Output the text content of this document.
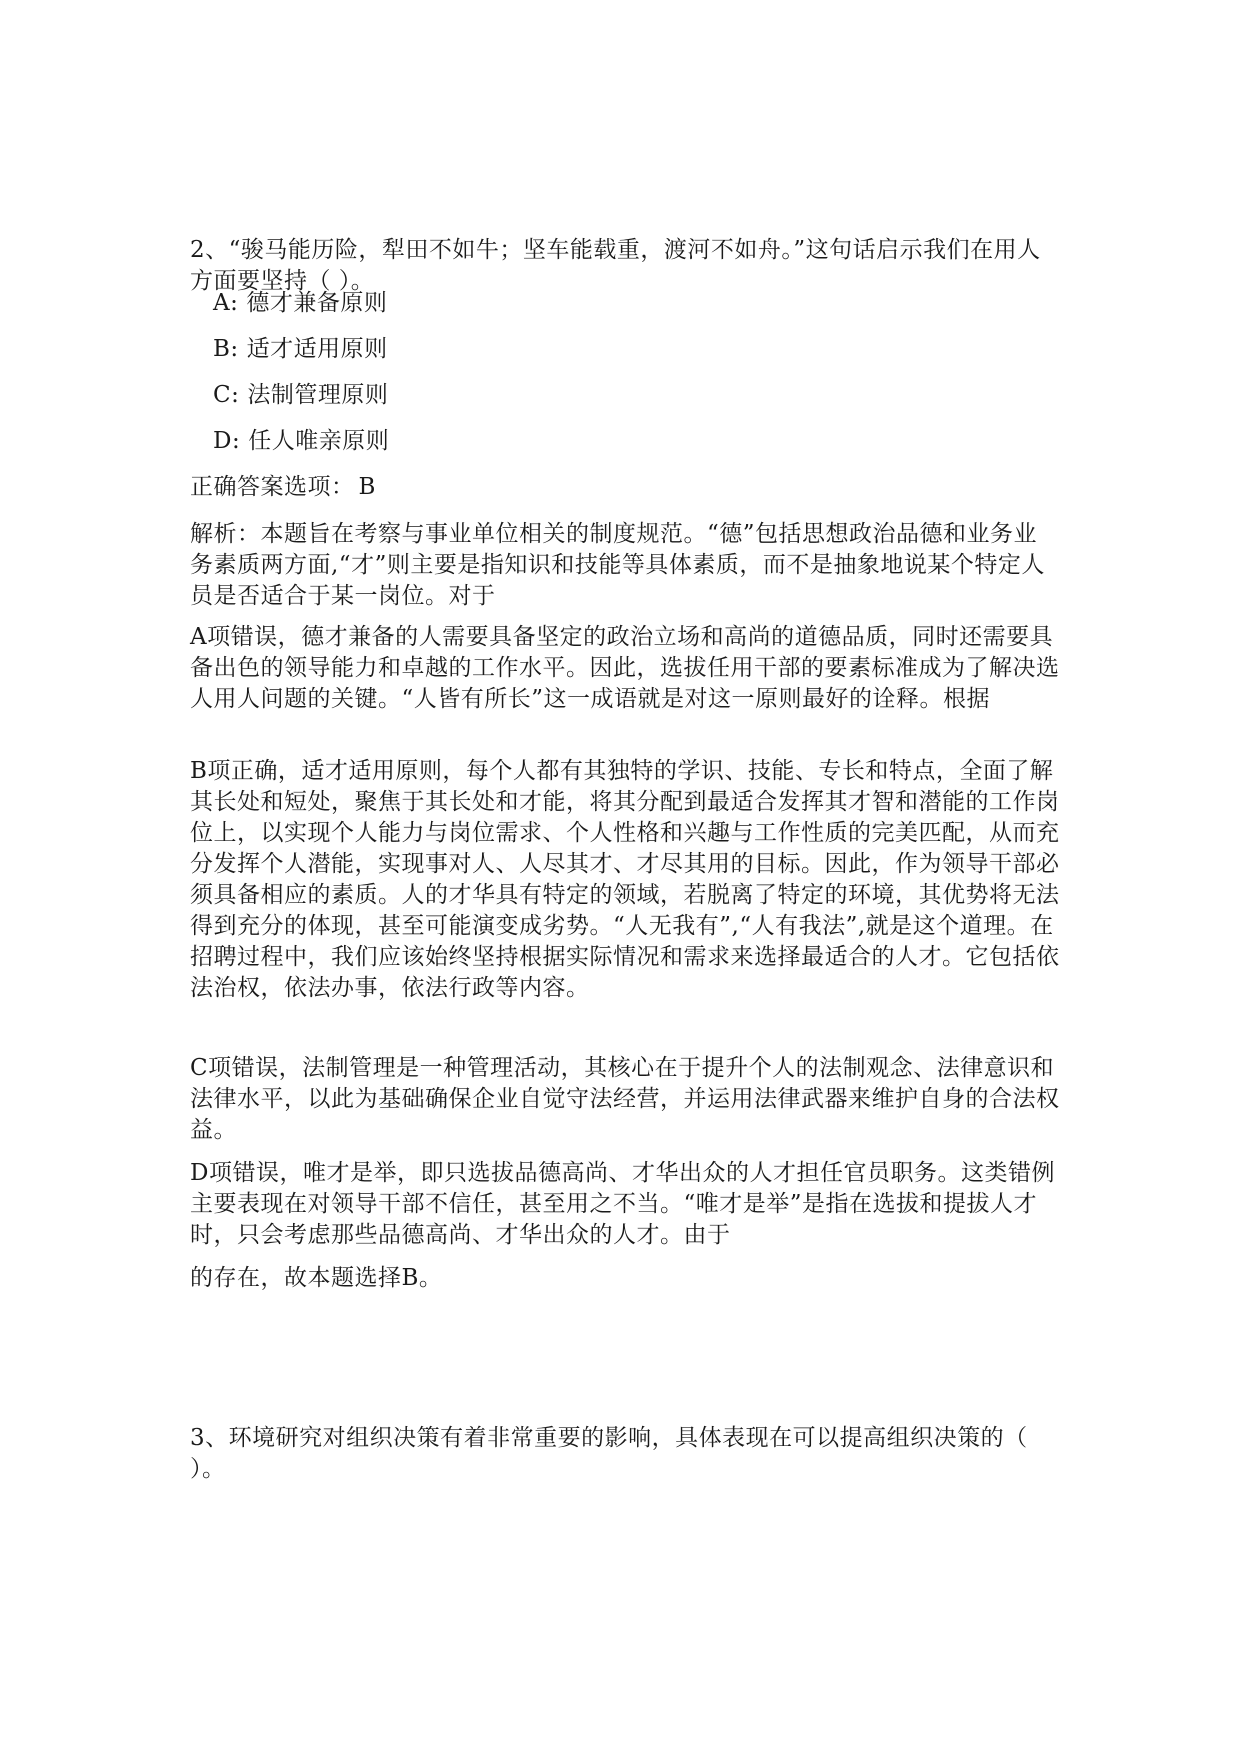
2、“骏马能历险，犁田不如牛；坚车能载重，渡河不如舟。”这句话启示我们在用人方面要坚持（ ）。

A: 德才兼备原则

B: 适才适用原则

C: 法制管理原则

D: 任人唯亲原则

正确答案选项： B

解析：本题旨在考察与事业单位相关的制度规范。“德”包括思想政治品德和业务业务素质两方面,“才”则主要是指知识和技能等具体素质，而不是抽象地说某个特定人员是否适合于某一岗位。对于

A项错误，德才兼备的人需要具备坚定的政治立场和高尚的道德品质，同时还需要具备出色的领导能力和卓越的工作水平。因此，选拔任用干部的要素标准成为了解决选人用人问题的关键。“人皆有所长”这一成语就是对这一原则最好的诠释。根据

B项正确，适才适用原则，每个人都有其独特的学识、技能、专长和特点，全面了解其长处和短处，聚焦于其长处和才能，将其分配到最适合发挥其才智和潜能的工作岗位上，以实现个人能力与岗位需求、个人性格和兴趣与工作性质的完美匹配，从而充分发挥个人潜能，实现事对人、人尽其才、才尽其用的目标。因此，作为领导干部必须具备相应的素质。人的才华具有特定的领域，若脱离了特定的环境，其优势将无法得到充分的体现，甚至可能演变成劣势。“人无我有”,“人有我法”,就是这个道理。在招聘过程中，我们应该始终坚持根据实际情况和需求来选择最适合的人才。它包括依法治权，依法办事，依法行政等内容。

C项错误，法制管理是一种管理活动，其核心在于提升个人的法制观念、法律意识和法律水平，以此为基础确保企业自觉守法经营，并运用法律武器来维护自身的合法权益。

D项错误，唯才是举，即只选拔品德高尚、才华出众的人才担任官员职务。这类错例主要表现在对领导干部不信任，甚至用之不当。“唯才是举”是指在选拔和提拔人才时，只会考虑那些品德高尚、才华出众的人才。由于

的存在，故本题选择B。

3、环境研究对组织决策有着非常重要的影响，具体表现在可以提高组织决策的（ ）。
